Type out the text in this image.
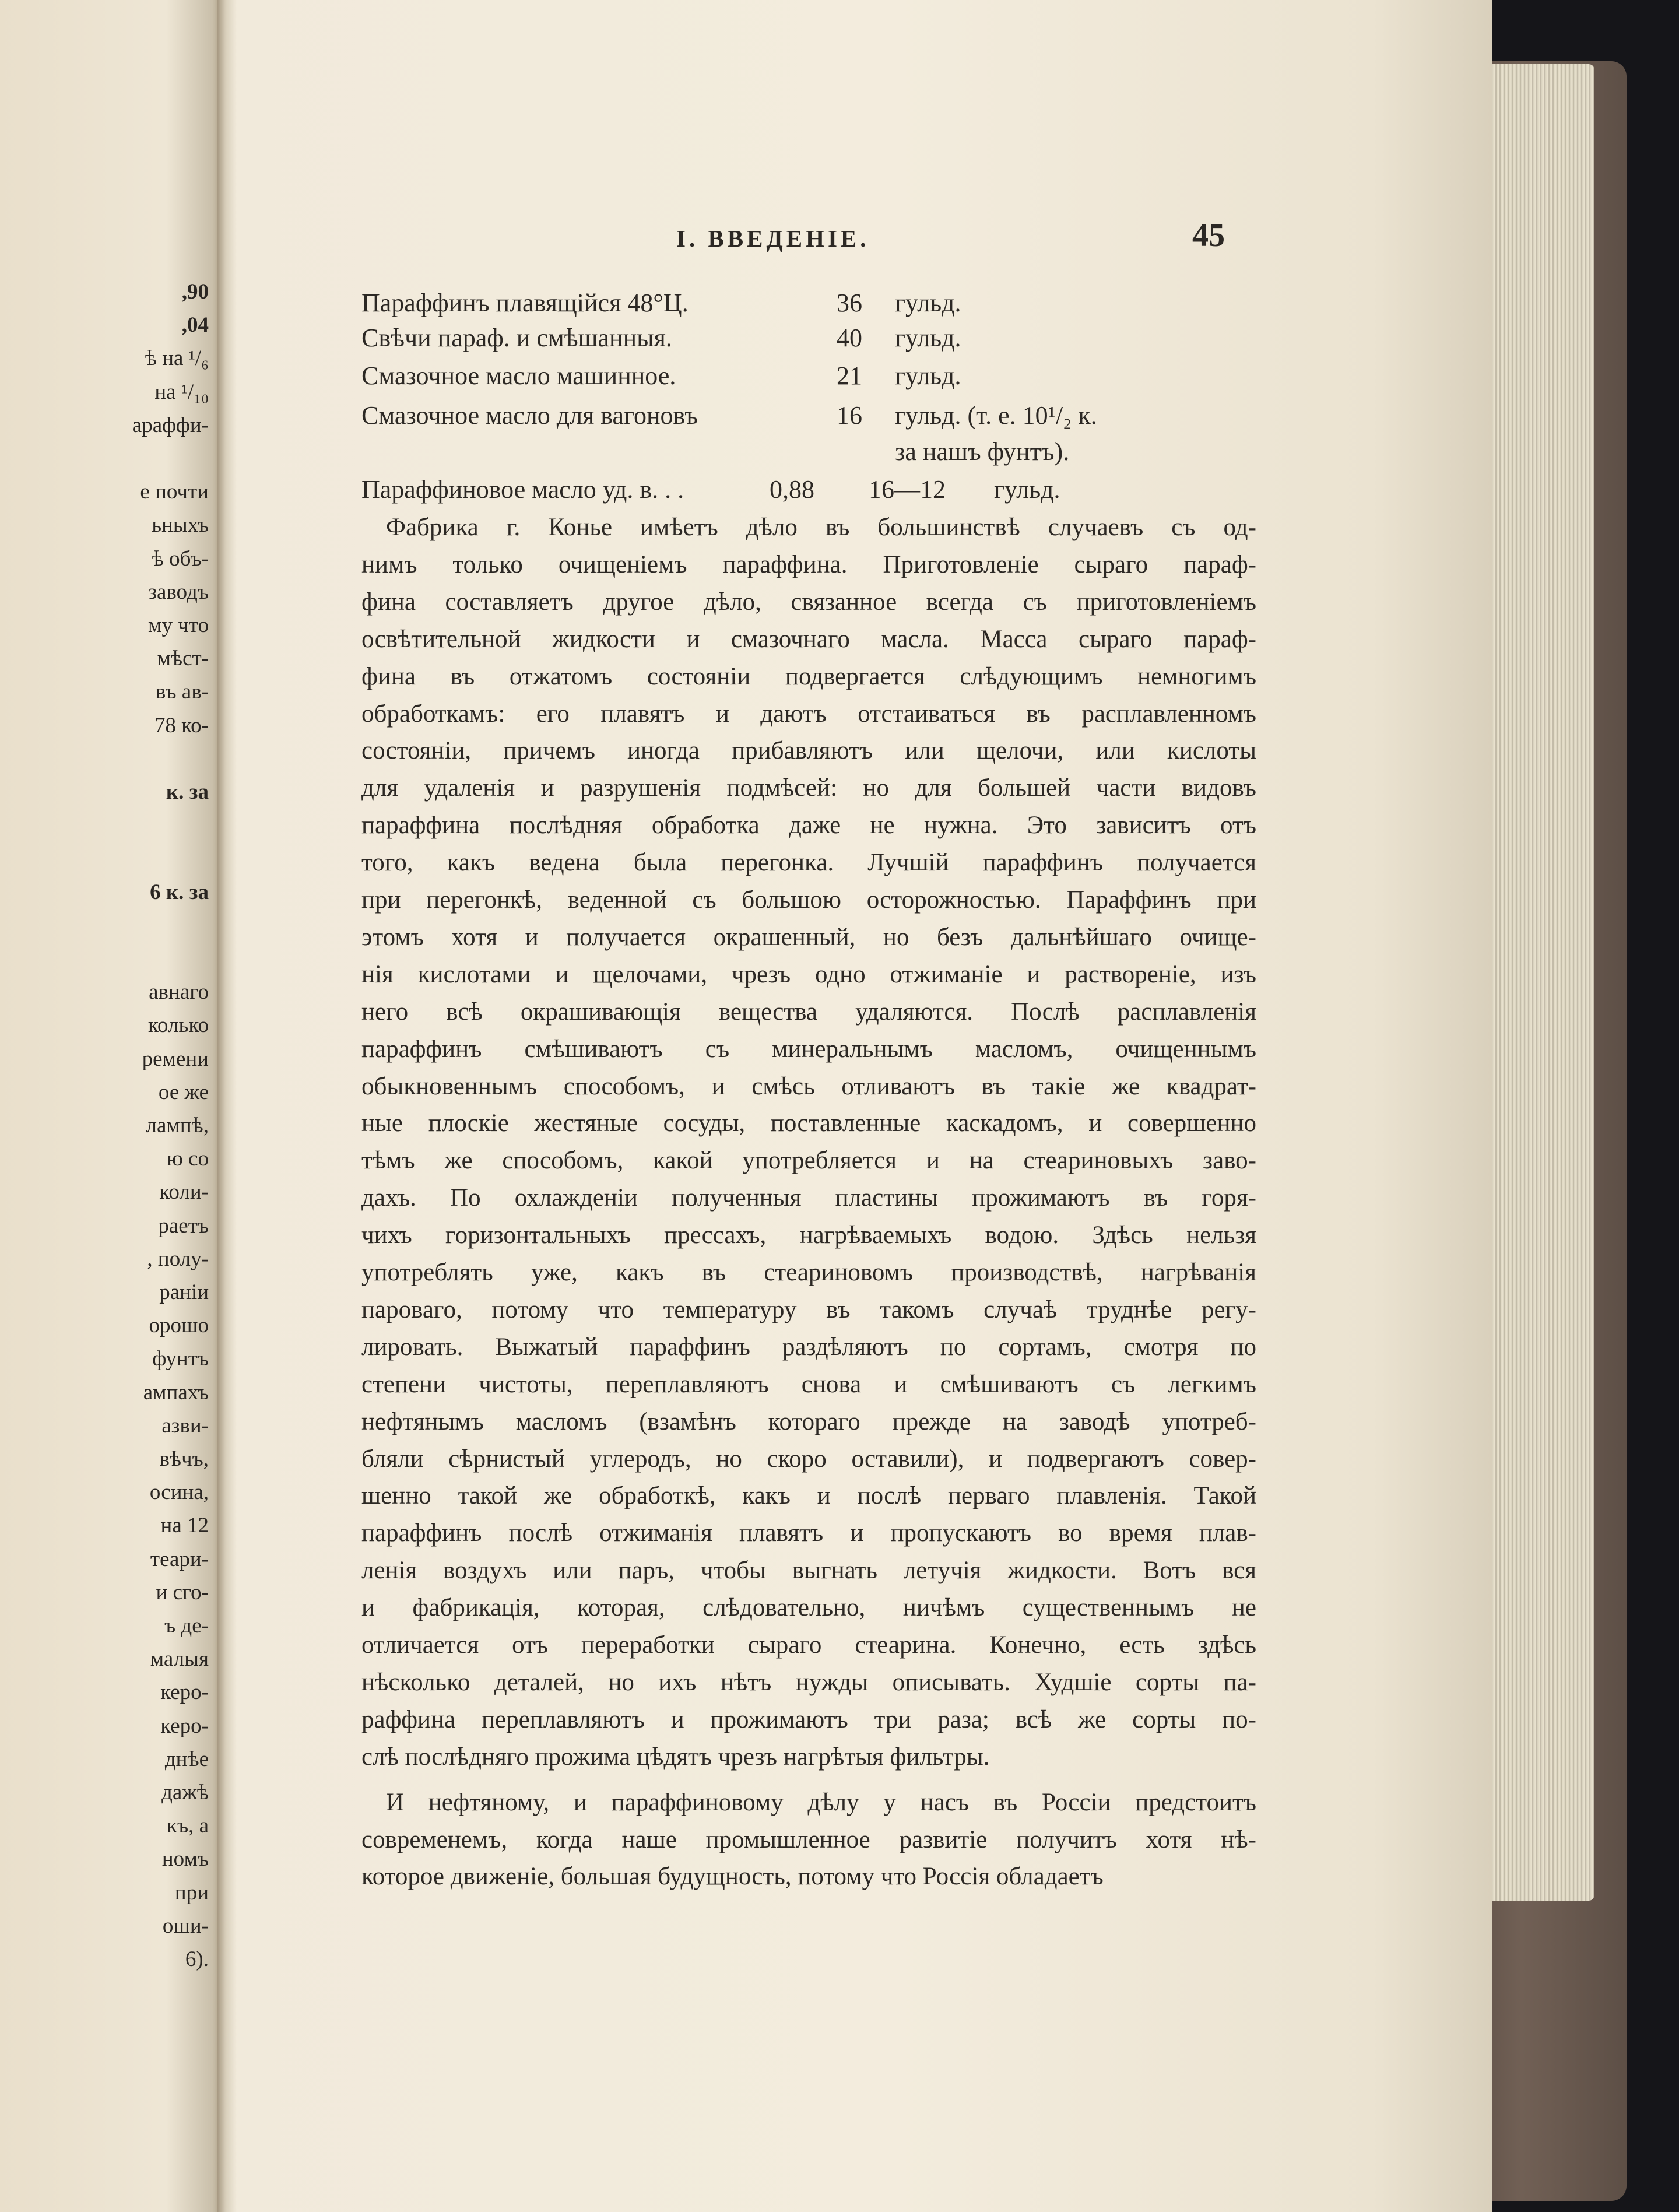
,90
,04
ѣ на ¹/₆
на ¹/₁₀
араффи-
е почти
ьныхъ
ѣ объ-
заводъ
му что
мѣст-
въ ав-
78 ко-
к. за
6 к. за
авнаго
колько
ремени
ое же
лампѣ,
ю со
коли-
раетъ
, полу-
ранiи
орошо
фунтъ
ампахъ
азви-
вѣчъ,
осина,
на 12
теари-
и сго-
ъ де-
малыя
керо-
керо-
днѣе
дажѣ
къ, а
номъ
при
оши-
6).
I. ВВЕДЕНIЕ.	45
Параффинъ плавящiйся 48°Ц.	36 гульд.
Свѣчи параф. и смѣшанныя.	40 гульд.
Смазочное масло машинное.	21 гульд.
Смазочное масло для вагоновъ	16 гульд. (т. е. 10¹/₂ к.
за нашъ фунтъ).
Параффиновое масло уд. в. . .	0,88 16—12 гульд.
Фабрика г. Конье имѣетъ дѣло въ большинствѣ случаевъ съ од-
нимъ только очищенiемъ параффина. Приготовленiе сыраго параф-
фина составляетъ другое дѣло, связанное всегда съ приготовленiемъ
освѣтительной жидкости и смазочнаго масла. Масса сыраго параф-
фина въ отжатомъ состоянiи подвергается слѣдующимъ немногимъ
обработкамъ: его плавятъ и даютъ отстаиваться въ расплавленномъ
состоянiи, причемъ иногда прибавляютъ или щелочи, или кислоты
для удаленiя и разрушенiя подмѣсей: но для большей части видовъ
параффина послѣдняя обработка даже не нужна. Это зависитъ отъ
того, какъ ведена была перегонка. Лучшiй параффинъ получается
при перегонкѣ, веденной съ большою осторожностью. Параффинъ при
этомъ хотя и получается окрашенный, но безъ дальнѣйшаго очище-
нiя кислотами и щелочами, чрезъ одно отжиманiе и растворенiе, изъ
него всѣ окрашивающiя вещества удаляются. Послѣ расплавленiя
параффинъ смѣшиваютъ съ минеральнымъ масломъ, очищеннымъ
обыкновеннымъ способомъ, и смѣсь отливаютъ въ такiе же квадрат-
ные плоскiе жестяные сосуды, поставленные каскадомъ, и совершенно
тѣмъ же способомъ, какой употребляется и на стеариновыхъ заво-
дахъ. По охлажденiи полученныя пластины прожимаютъ въ горя-
чихъ горизонтальныхъ прессахъ, нагрѣваемыхъ водою. Здѣсь нельзя
употреблять уже, какъ въ стеариновомъ производствѣ, нагрѣванiя
пароваго, потому что температуру въ такомъ случаѣ труднѣе регу-
лировать. Выжатый параффинъ раздѣляютъ по сортамъ, смотря по
степени чистоты, переплавляютъ снова и смѣшиваютъ съ легкимъ
нефтянымъ масломъ (взамѣнъ котораго прежде на заводѣ употреб-
бляли сѣрнистый углеродъ, но скоро оставили), и подвергаютъ совер-
шенно такой же обработкѣ, какъ и послѣ перваго плавленiя. Такой
параффинъ послѣ отжиманiя плавятъ и пропускаютъ во время плав-
ленiя воздухъ или паръ, чтобы выгнать летучiя жидкости. Вотъ вся
и фабрикацiя, которая, слѣдовательно, ничѣмъ существеннымъ не
отличается отъ переработки сыраго стеарина. Конечно, есть здѣсь
нѣсколько деталей, но ихъ нѣтъ нужды описывать. Худшiе сорты па-
раффина переплавляютъ и прожимаютъ три раза; всѣ же сорты по-
слѣ послѣдняго прожима цѣдятъ чрезъ нагрѣтыя фильтры.
И нефтяному, и параффиновому дѣлу у насъ въ Россiи предстоитъ
современемъ, когда наше промышленное развитiе получитъ хотя нѣ-
которое движенiе, большая будущность, потому что Россiя обладаетъ
